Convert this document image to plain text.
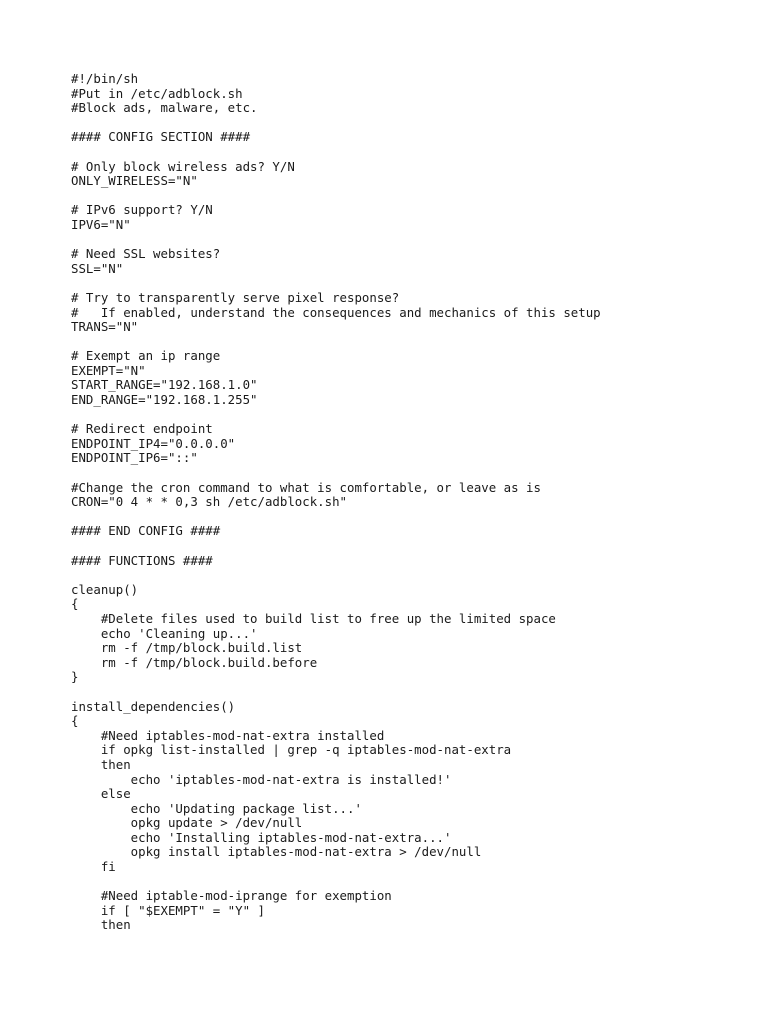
#!/bin/sh
#Put in /etc/adblock.sh
#Block ads, malware, etc.
#### CONFIG SECTION ####
# Only block wireless ads? Y/N
ONLY_WIRELESS="N"
# IPv6 support? Y/N
IPV6="N"
# Need SSL websites?
SSL="N"
# Try to transparently serve pixel response?
#   If enabled, understand the consequences and mechanics of this setup
TRANS="N"
# Exempt an ip range
EXEMPT="N"
START_RANGE="192.168.1.0"
END_RANGE="192.168.1.255"
# Redirect endpoint
ENDPOINT_IP4="0.0.0.0"
ENDPOINT_IP6="::"
#Change the cron command to what is comfortable, or leave as is
CRON="0 4 * * 0,3 sh /etc/adblock.sh"
#### END CONFIG ####
#### FUNCTIONS ####
cleanup()
{
#Delete files used to build list to free up the limited space
echo 'Cleaning up...'
rm -f /tmp/block.build.list
rm -f /tmp/block.build.before
}
install_dependencies()
{
#Need iptables-mod-nat-extra installed
if opkg list-installed | grep -q iptables-mod-nat-extra
then
echo 'iptables-mod-nat-extra is installed!'
else
echo 'Updating package list...'
opkg update > /dev/null
echo 'Installing iptables-mod-nat-extra...'
opkg install iptables-mod-nat-extra > /dev/null
fi
#Need iptable-mod-iprange for exemption
if [ "$EXEMPT" = "Y" ]
then
